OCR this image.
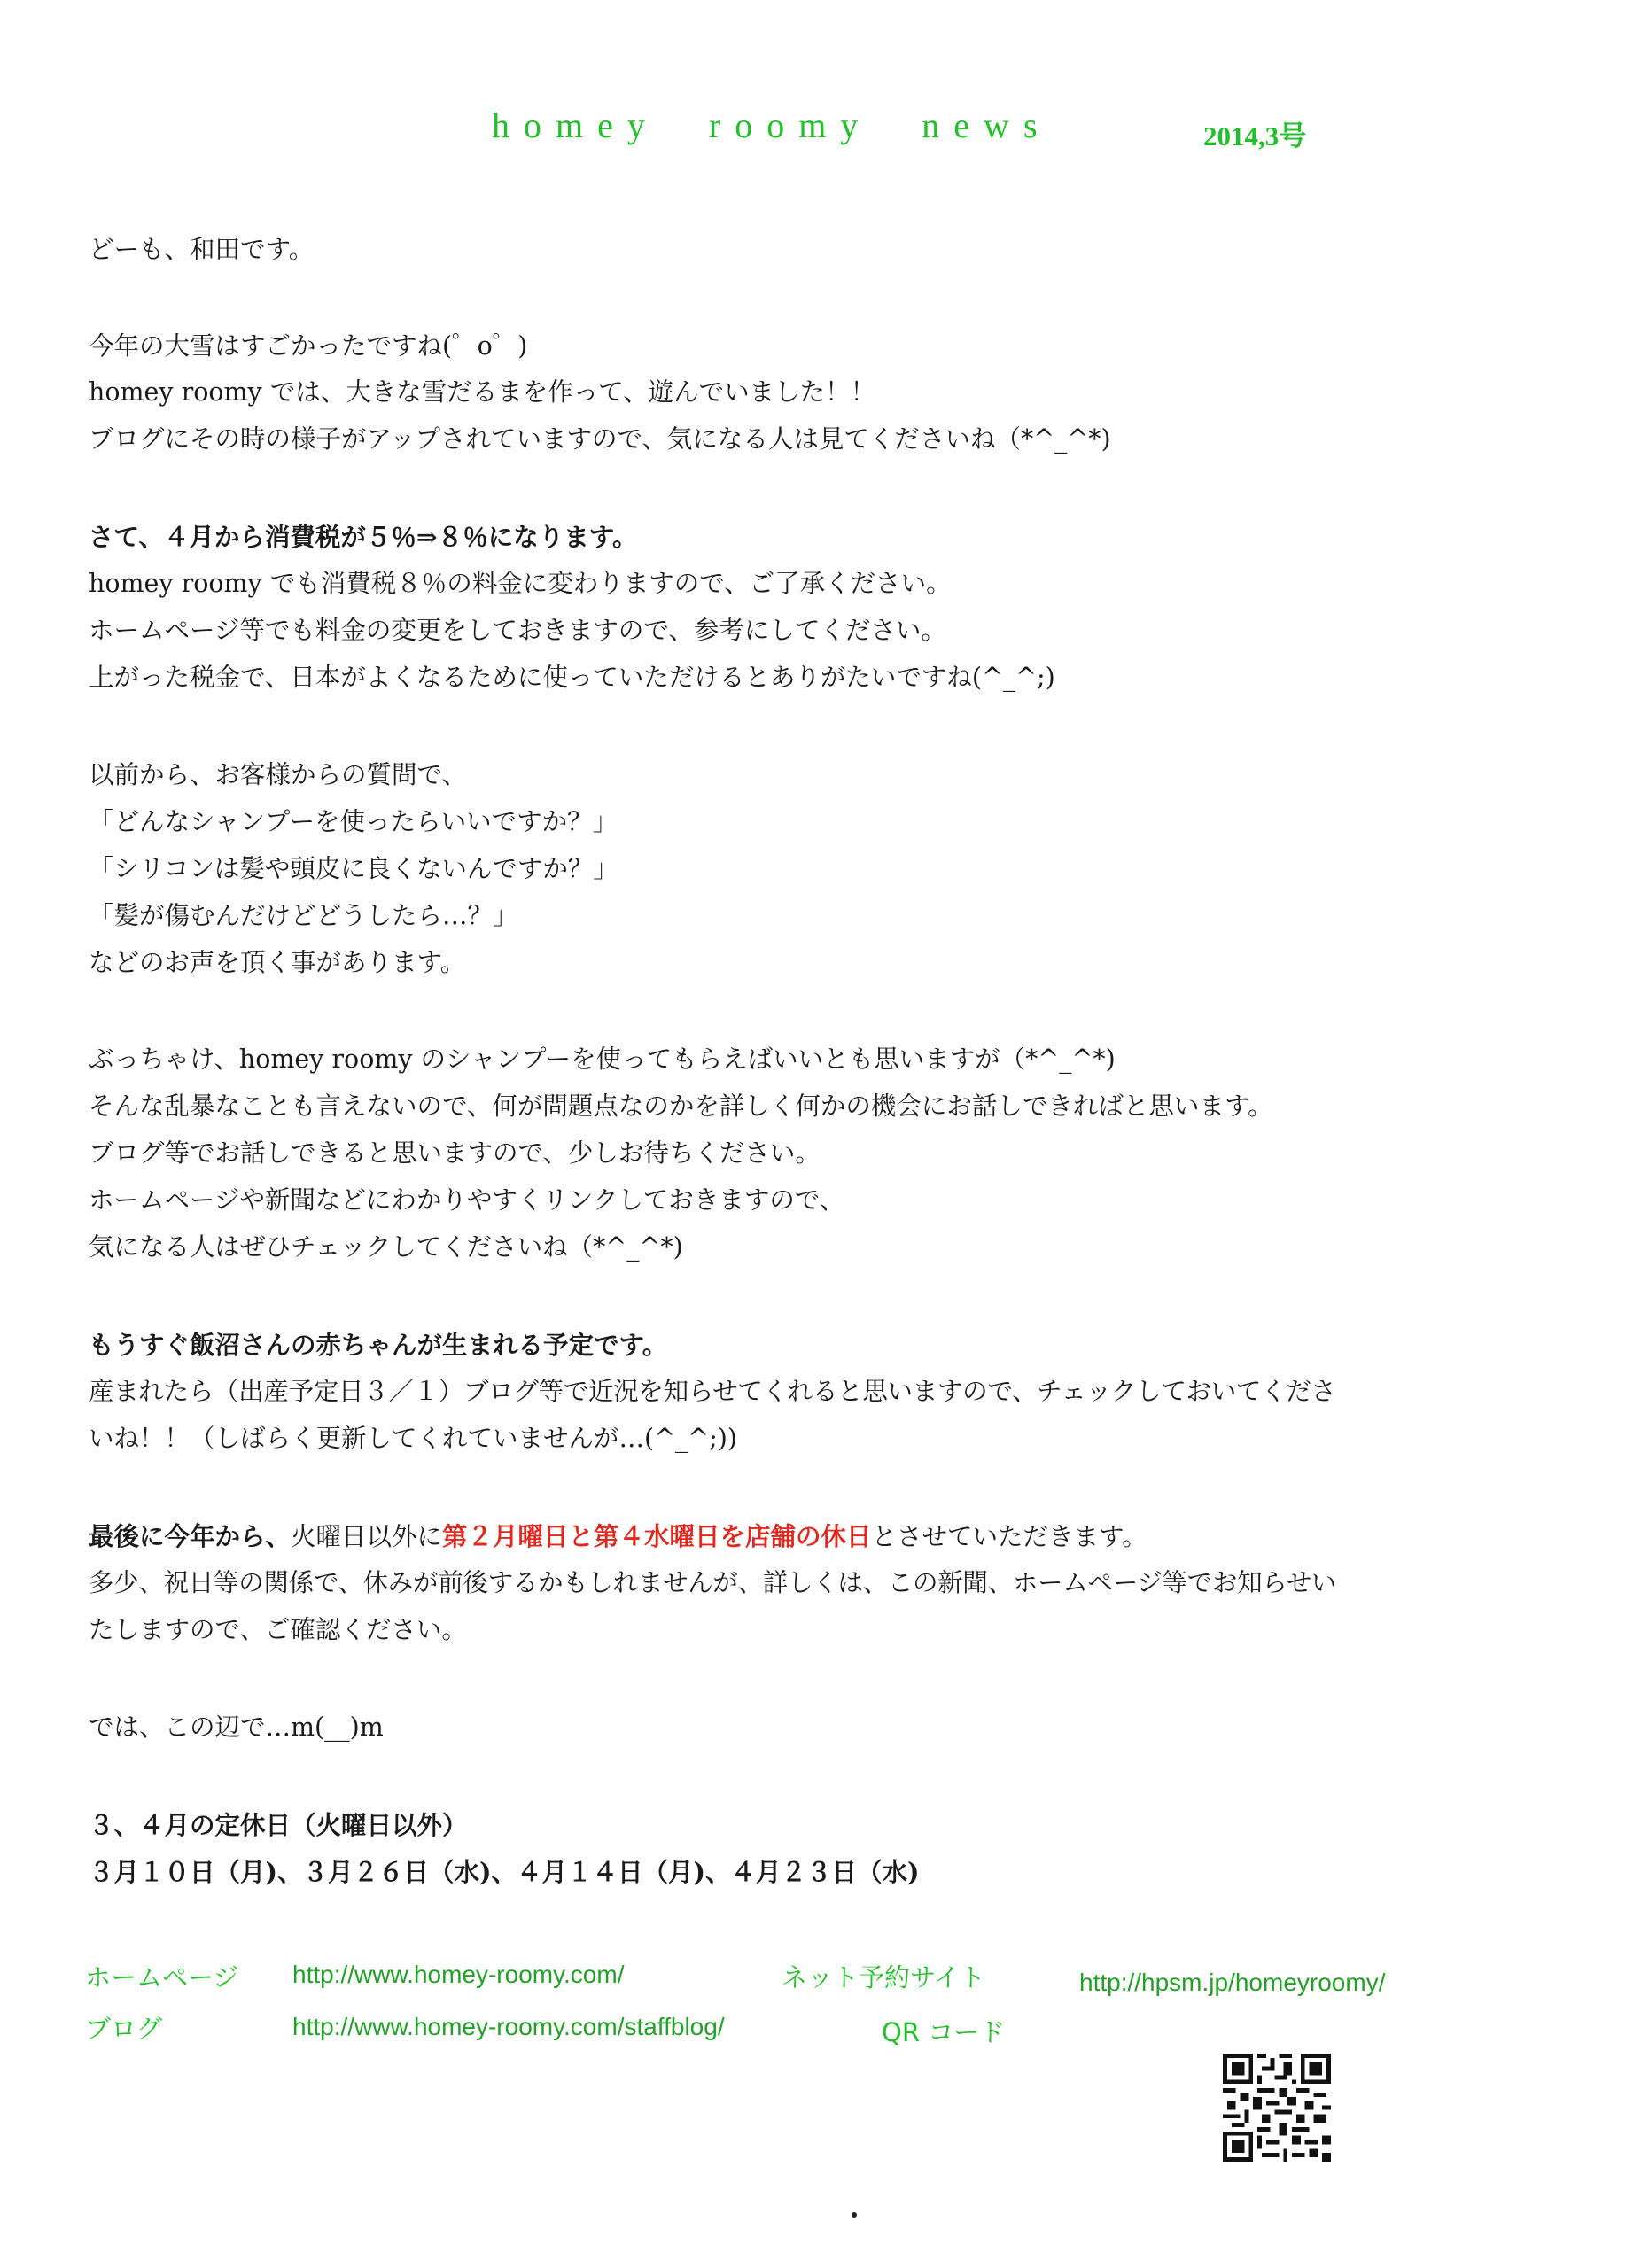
homey roomy news	2014,3号
どーも、和田です。
今年の大雪はすごかったですね(゜o゜)
homey roomy では、大きな雪だるまを作って、遊んでいました！！
ブログにその時の様子がアップされていますので、気になる人は見てくださいね（*^_^*)
さて、４月から消費税が５％⇒８％になります。
homey roomy でも消費税８％の料金に変わりますので、ご了承ください。
ホームページ等でも料金の変更をしておきますので、参考にしてください。
上がった税金で、日本がよくなるために使っていただけるとありがたいですね(^_^;)
以前から、お客様からの質問で、
「どんなシャンプーを使ったらいいですか？」
「シリコンは髪や頭皮に良くないんですか？」
「髪が傷むんだけどどうしたら…？」
などのお声を頂く事があります。
ぶっちゃけ、homey roomy のシャンプーを使ってもらえばいいとも思いますが（*^_^*)
そんな乱暴なことも言えないので、何が問題点なのかを詳しく何かの機会にお話しできればと思います。
ブログ等でお話しできると思いますので、少しお待ちください。
ホームページや新聞などにわかりやすくリンクしておきますので、
気になる人はぜひチェックしてくださいね（*^_^*)
もうすぐ飯沼さんの赤ちゃんが生まれる予定です。
産まれたら（出産予定日３／１）ブログ等で近況を知らせてくれると思いますので、チェックしておいてくださ
いね！！（しばらく更新してくれていませんが…(^_^;))
最後に今年から、火曜日以外に第２月曜日と第４水曜日を店舗の休日とさせていただきます。
多少、祝日等の関係で、休みが前後するかもしれませんが、詳しくは、この新聞、ホームページ等でお知らせい
たしますので、ご確認ください。
では、この辺で…m(__)m
３、４月の定休日（火曜日以外）
３月１０日（月)、３月２６日（水)、４月１４日（月)、４月２３日（水)
ホームページ http://www.homey-roomy.com/	ネット予約サイト	http://hpsm.jp/homeyroomy/
ブログ	http://www.homey-roomy.com/staffblog/	QR コード
